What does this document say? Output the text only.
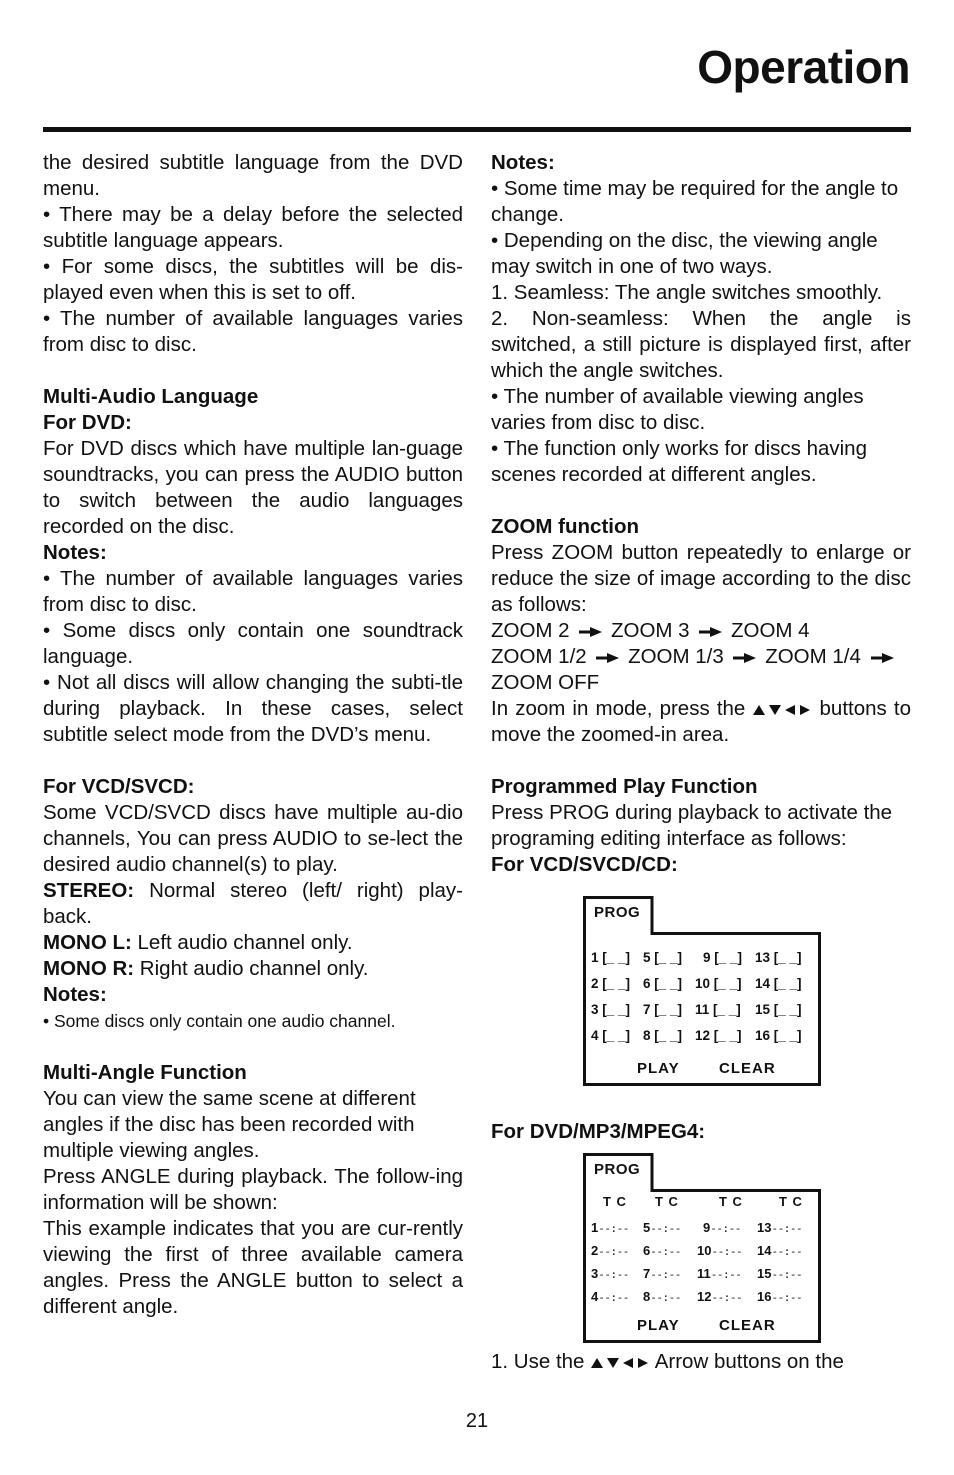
Operation

the desired subtitle language from the DVD menu.

• There may be a delay before the selected subtitle language appears.

• For some discs, the subtitles will be dis-played even when this is set to off.

• The number of available languages varies from disc to disc.

Multi-Audio Language

For DVD:

For DVD discs which have multiple lan-guage soundtracks, you can press the AUDIO button to switch between the audio languages recorded on the disc.

Notes:

• The number of available languages varies from disc to disc.

• Some discs only contain one soundtrack language.

• Not all discs will allow changing the subti-tle during playback. In these cases, select subtitle select mode from the DVD’s menu.

For VCD/SVCD:

Some VCD/SVCD discs have multiple au-dio channels, You can press AUDIO to se-lect the desired audio channel(s) to play.

STEREO: Normal stereo (left/ right) play-back.

MONO L: Left audio channel only.

MONO R: Right audio channel only.

Notes:

• Some discs only contain one audio channel.

Multi-Angle Function

You can view the same scene at different angles if the disc has been recorded with multiple viewing angles.

Press ANGLE during playback. The follow-ing information will be shown:

This example indicates that you are cur-rently viewing the first of three available camera angles. Press the ANGLE button to select a different angle.

Notes:

• Some time may be required for the angle to change.

• Depending on the disc, the viewing angle may switch in one of two ways.

1. Seamless: The angle switches smoothly.

2. Non-seamless: When the angle is switched, a still picture is displayed first, after which the angle switches.

• The number of available viewing angles varies from disc to disc.

• The function only works for discs having scenes recorded at different angles.

ZOOM function

Press ZOOM button repeatedly to enlarge or reduce the size of image according to the disc as follows:

ZOOM 2 ZOOM 3 ZOOM 4

ZOOM 1/2 ZOOM 1/3 ZOOM 1/4

ZOOM OFF

In zoom in mode, press the	buttons to move the zoomed-in area.

Programmed Play Function

Press PROG during playback to activate the programing editing interface as follows:

For VCD/SVCD/CD:

PROG
1 [_ _] 5 [_ _]	9 [_ _] 13 [_ _]
2 [_ _] 6 [_ _] 10 [_ _] 14 [_ _]
3 [_ _] 7 [_ _] 11 [_ _]	15 [_ _]
4 [_ _] 8 [_ _] 12 [_ _] 16 [_ _]
PLAY	CLEAR

For DVD/MP3/MPEG4:

PROG
T C	T C	T C	T C
1--:--	5--:--	9--:--	13--:--
2--:--	6--:--	10--:--	14--:--
3--:--	7--:--	11--:--	15--:--
4--:--	8--:--	12--:--	16--:--
PLAY	CLEAR

1. Use the	Arrow buttons on the

21
